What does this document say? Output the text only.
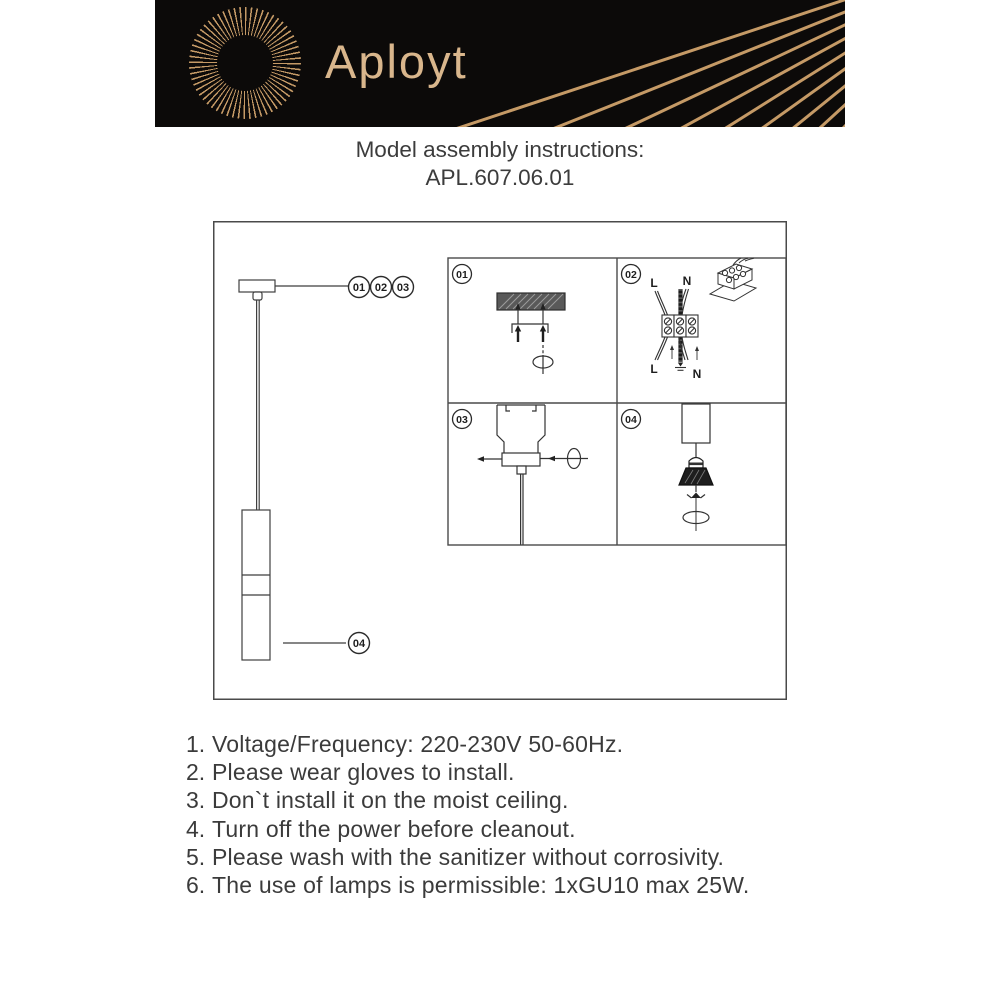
Aployt
Model assembly instructions:
APL.607.06.01
01 02 03
04
01	02
03	04
L N
L	N
1. Voltage/Frequency: 220-230V 50-60Hz.
2. Please wear gloves to install.
3. Don`t install it on the moist ceiling.
4. Turn off the power before cleanout.
5. Please wash with the sanitizer without corrosivity.
6. The use of lamps is permissible: 1xGU10 max 25W.
